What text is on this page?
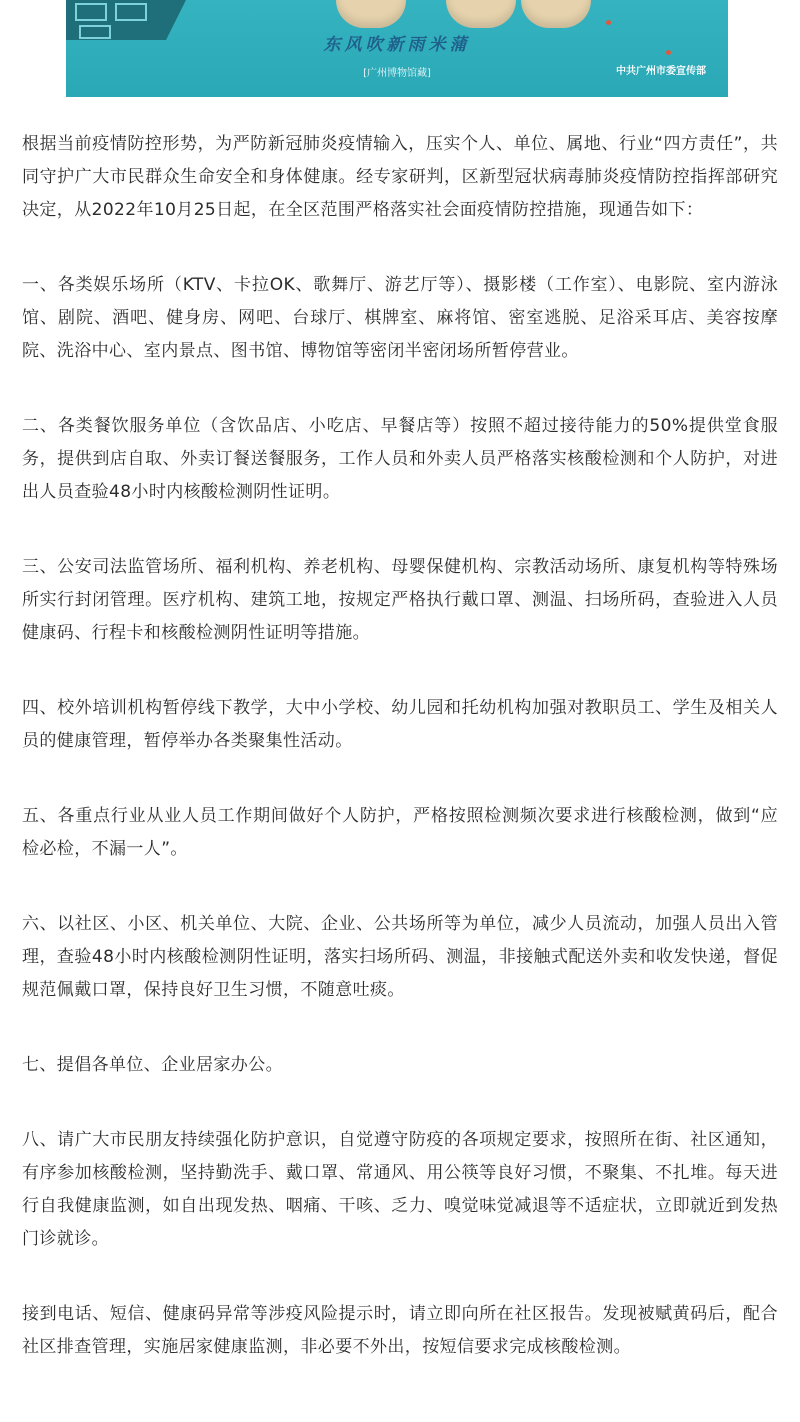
东风吹新雨米蒲
[广州博物馆藏]	中共广州市委宣传部

根据当前疫情防控形势，为严防新冠肺炎疫情输入，压实个人、单位、属地、行业“四方责任”，共同守护广大市民群众生命安全和身体健康。经专家研判，区新型冠状病毒肺炎疫情防控指挥部研究决定，从2022年10月25日起，在全区范围严格落实社会面疫情防控措施，现通告如下：

一、各类娱乐场所（KTV、卡拉OK、歌舞厅、游艺厅等）、摄影楼（工作室）、电影院、室内游泳馆、剧院、酒吧、健身房、网吧、台球厅、棋牌室、麻将馆、密室逃脱、足浴采耳店、美容按摩院、洗浴中心、室内景点、图书馆、博物馆等密闭半密闭场所暂停营业。

二、各类餐饮服务单位（含饮品店、小吃店、早餐店等）按照不超过接待能力的50%提供堂食服务，提供到店自取、外卖订餐送餐服务，工作人员和外卖人员严格落实核酸检测和个人防护，对进出人员查验48小时内核酸检测阴性证明。

三、公安司法监管场所、福利机构、养老机构、母婴保健机构、宗教活动场所、康复机构等特殊场所实行封闭管理。医疗机构、建筑工地，按规定严格执行戴口罩、测温、扫场所码，查验进入人员健康码、行程卡和核酸检测阴性证明等措施。

四、校外培训机构暂停线下教学，大中小学校、幼儿园和托幼机构加强对教职员工、学生及相关人员的健康管理，暂停举办各类聚集性活动。

五、各重点行业从业人员工作期间做好个人防护，严格按照检测频次要求进行核酸检测，做到“应检必检，不漏一人”。

六、以社区、小区、机关单位、大院、企业、公共场所等为单位，减少人员流动，加强人员出入管理，查验48小时内核酸检测阴性证明，落实扫场所码、测温，非接触式配送外卖和收发快递，督促规范佩戴口罩，保持良好卫生习惯，不随意吐痰。

七、提倡各单位、企业居家办公。

八、请广大市民朋友持续强化防护意识，自觉遵守防疫的各项规定要求，按照所在街、社区通知，有序参加核酸检测，坚持勤洗手、戴口罩、常通风、用公筷等良好习惯，不聚集、不扎堆。每天进行自我健康监测，如自出现发热、咽痛、干咳、乏力、嗅觉味觉减退等不适症状，立即就近到发热门诊就诊。

接到电话、短信、健康码异常等涉疫风险提示时，请立即向所在社区报告。发现被赋黄码后，配合社区排查管理，实施居家健康监测，非必要不外出，按短信要求完成核酸检测。
